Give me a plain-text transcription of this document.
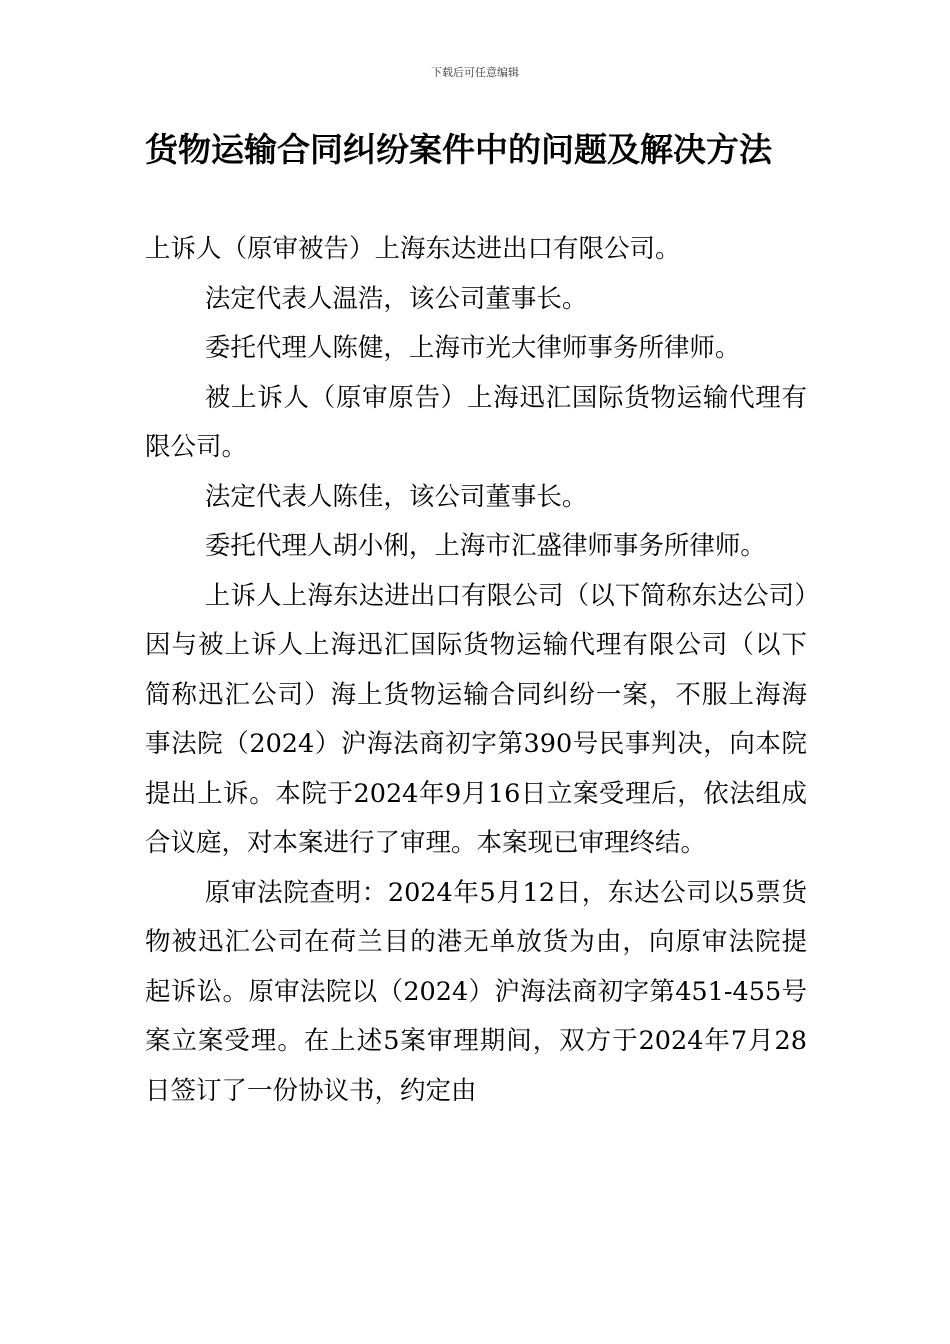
下载后可任意编辑
货物运输合同纠纷案件中的问题及解决方法

上诉人（原审被告）上海东达进出口有限公司。

法定代表人温浩，该公司董事长。

委托代理人陈健，上海市光大律师事务所律师。

被上诉人（原审原告）上海迅汇国际货物运输代理有限公司。

法定代表人陈佳，该公司董事长。

委托代理人胡小俐，上海市汇盛律师事务所律师。

上诉人上海东达进出口有限公司（以下简称东达公司）因与被上诉人上海迅汇国际货物运输代理有限公司（以下简称迅汇公司）海上货物运输合同纠纷一案，不服上海海事法院（2024）沪海法商初字第390号民事判决，向本院提出上诉。本院于2024年9月16日立案受理后，依法组成合议庭，对本案进行了审理。本案现已审理终结。

原审法院查明：2024年5月12日，东达公司以5票货物被迅汇公司在荷兰目的港无单放货为由，向原审法院提起诉讼。原审法院以（2024）沪海法商初字第451-455号案立案受理。在上述5案审理期间，双方于2024年7月28日签订了一份协议书，约定由
